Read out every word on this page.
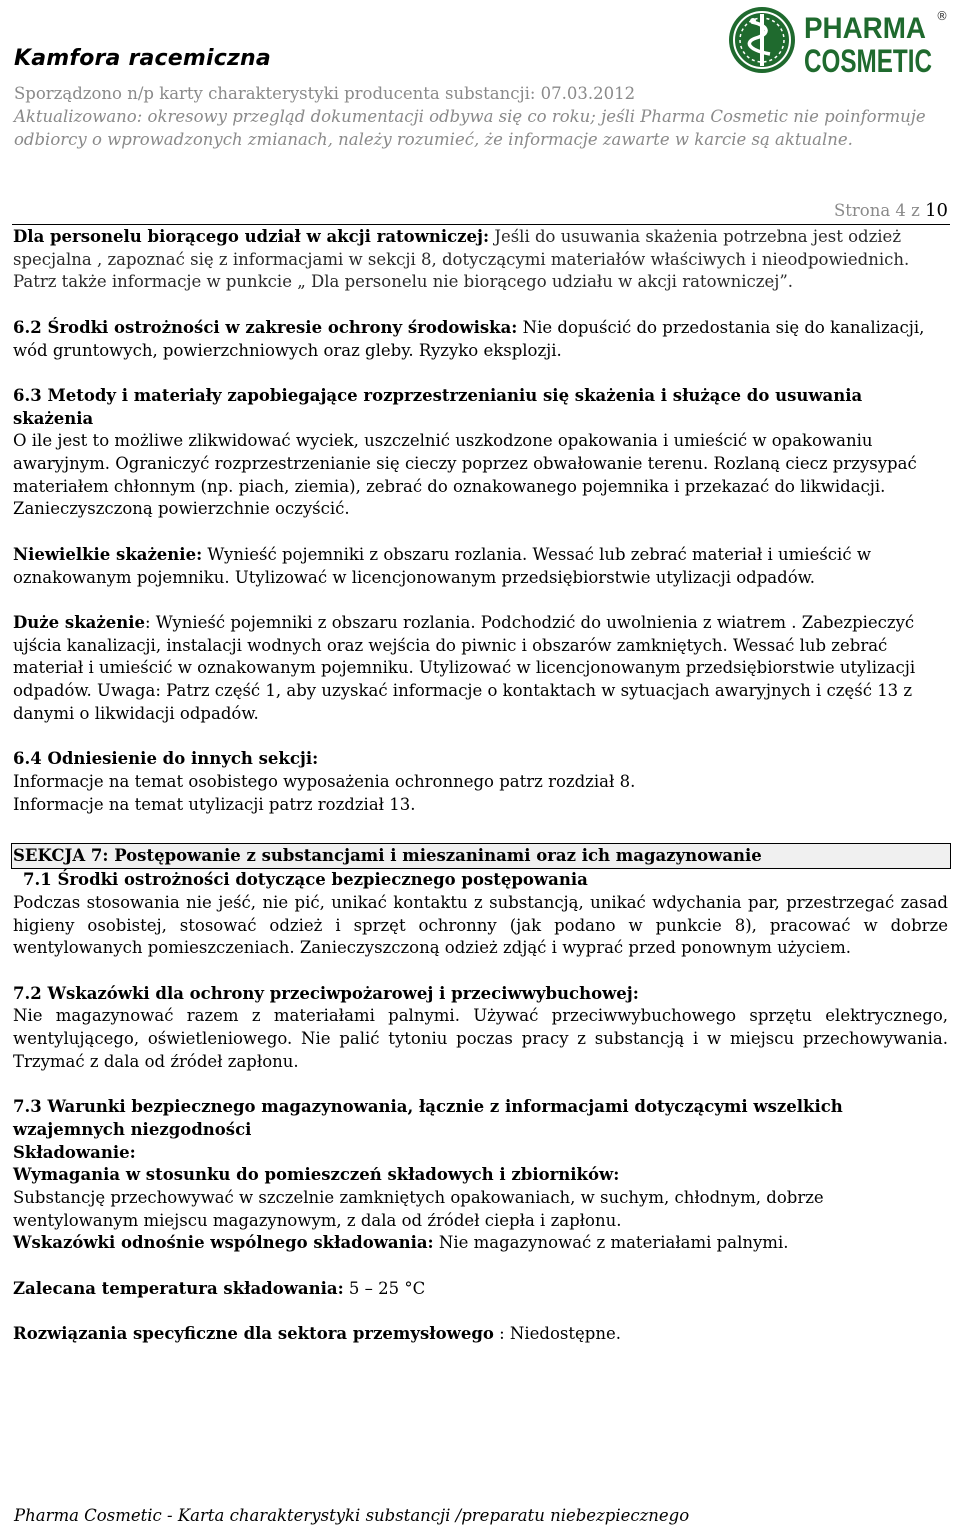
Kamfora racemiczna
PHARMA
COSMETIC
®
Sporządzono n/p karty charakterystyki producenta substancji: 07.03.2012
Aktualizowano: okresowy przegląd dokumentacji odbywa się co roku; jeśli Pharma Cosmetic nie poinformuje odbiorcy o wprowadzonych zmianach, należy rozumieć, że informacje zawarte w karcie są aktualne.
Strona 4 z 10

Dla personelu biorącego udział w akcji ratowniczej: Jeśli do usuwania skażenia potrzebna jest odzież specjalna , zapoznać się z informacjami w sekcji 8, dotyczącymi materiałów właściwych i nieodpowiednich. Patrz także informacje w punkcie „ Dla personelu nie biorącego udziału w akcji ratowniczej”.

6.2 Środki ostrożności w zakresie ochrony środowiska: Nie dopuścić do przedostania się do kanalizacji, wód gruntowych, powierzchniowych oraz gleby. Ryzyko eksplozji.

6.3 Metody i materiały zapobiegające rozprzestrzenianiu się skażenia i służące do usuwania skażenia

O ile jest to możliwe zlikwidować wyciek, uszczelnić uszkodzone opakowania i umieścić w opakowaniu awaryjnym. Ograniczyć rozprzestrzenianie się cieczy poprzez obwałowanie terenu. Rozlaną ciecz przysypać materiałem chłonnym (np. piach, ziemia), zebrać do oznakowanego pojemnika i przekazać do likwidacji. Zanieczyszczoną powierzchnie oczyścić.

Niewielkie skażenie: Wynieść pojemniki z obszaru rozlania. Wessać lub zebrać materiał i umieścić w oznakowanym pojemniku. Utylizować w licencjonowanym przedsiębiorstwie utylizacji odpadów.

Duże skażenie: Wynieść pojemniki z obszaru rozlania. Podchodzić do uwolnienia z wiatrem . Zabezpieczyć ujścia kanalizacji, instalacji wodnych oraz wejścia do piwnic i obszarów zamkniętych. Wessać lub zebrać materiał i umieścić w oznakowanym pojemniku. Utylizować w licencjonowanym przedsiębiorstwie utylizacji odpadów. Uwaga: Patrz część 1, aby uzyskać informacje o kontaktach w sytuacjach awaryjnych i część 13 z danymi o likwidacji odpadów.

6.4 Odniesienie do innych sekcji:

Informacje na temat osobistego wyposażenia ochronnego patrz rozdział 8.

Informacje na temat utylizacji patrz rozdział 13.

SEKCJA 7: Postępowanie z substancjami i mieszaninami oraz ich magazynowanie

7.1 Środki ostrożności dotyczące bezpiecznego postępowania

Podczas stosowania nie jeść, nie pić, unikać kontaktu z substancją, unikać wdychania par, przestrzegać zasad higieny osobistej, stosować odzież i sprzęt ochronny (jak podano w punkcie 8), pracować w dobrze wentylowanych pomieszczeniach. Zanieczyszczoną odzież zdjąć i wyprać przed ponownym użyciem.

7.2 Wskazówki dla ochrony przeciwpożarowej i przeciwwybuchowej:

Nie magazynować razem z materiałami palnymi. Używać przeciwwybuchowego sprzętu elektrycznego, wentylującego, oświetleniowego. Nie palić tytoniu poczas pracy z substancją i w miejscu przechowywania. Trzymać z dala od źródeł zapłonu.

7.3 Warunki bezpiecznego magazynowania, łącznie z informacjami dotyczącymi wszelkich wzajemnych niezgodności

Składowanie:

Wymagania w stosunku do pomieszczeń składowych i zbiorników:

Substancję przechowywać w szczelnie zamkniętych opakowaniach, w suchym, chłodnym, dobrze wentylowanym miejscu magazynowym, z dala od źródeł ciepła i zapłonu.

Wskazówki odnośnie wspólnego składowania: Nie magazynować z materiałami palnymi.

Zalecana temperatura składowania: 5 – 25 °C

Rozwiązania specyficzne dla sektora przemysłowego : Niedostępne.

Pharma Cosmetic - Karta charakterystyki substancji /preparatu niebezpiecznego
